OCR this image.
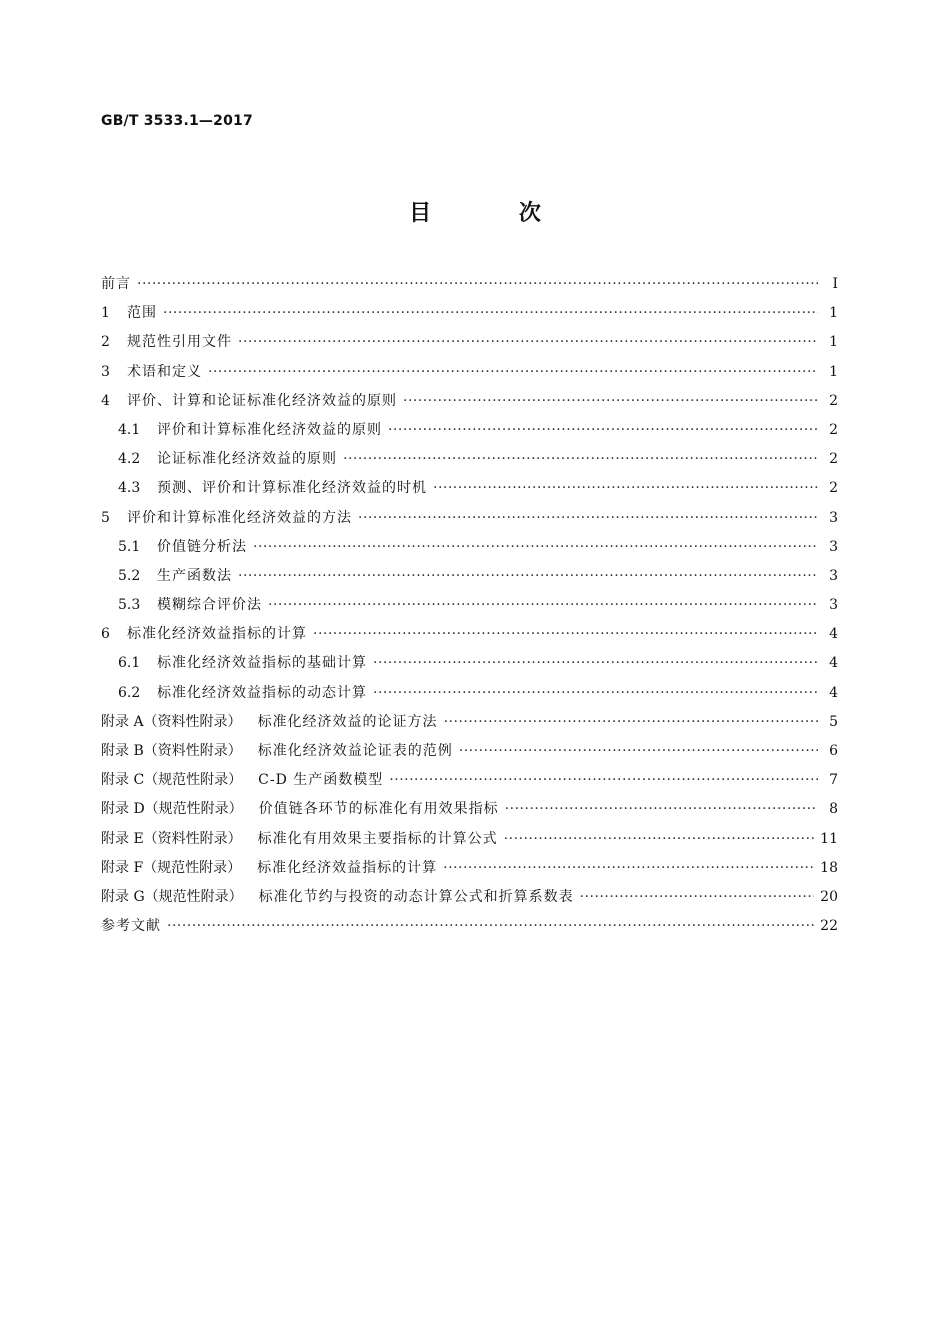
GB/T 3533.1—2017
目 次
前言 ·····	Ⅰ
1	范围 ·····	1
2	规范性引用文件 ·····	1
3	术语和定义 ·····	1
4	评价、计算和论证标准化经济效益的原则 ·····	2
4.1	评价和计算标准化经济效益的原则 ·····	2
4.2	论证标准化经济效益的原则 ·····	2
4.3	预测、评价和计算标准化经济效益的时机 ·····	2
5	评价和计算标准化经济效益的方法 ·····	3
5.1	价值链分析法 ·····	3
5.2	生产函数法 ·····	3
5.3	模糊综合评价法 ·····	3
6	标准化经济效益指标的计算 ·····	4
6.1	标准化经济效益指标的基础计算 ·····	4
6.2	标准化经济效益指标的动态计算 ·····	4
附录 A（资料性附录） 标准化经济效益的论证方法 ·····	5
附录 B（资料性附录） 标准化经济效益论证表的范例 ·····	6
附录 C（规范性附录） C-D 生产函数模型 ·····	7
附录 D（规范性附录） 价值链各环节的标准化有用效果指标 ·····	8
附录 E（资料性附录） 标准化有用效果主要指标的计算公式 ·····	11
附录 F（规范性附录） 标准化经济效益指标的计算 ·····	18
附录 G（规范性附录） 标准化节约与投资的动态计算公式和折算系数表 ·····	20
参考文献 ·····	22
